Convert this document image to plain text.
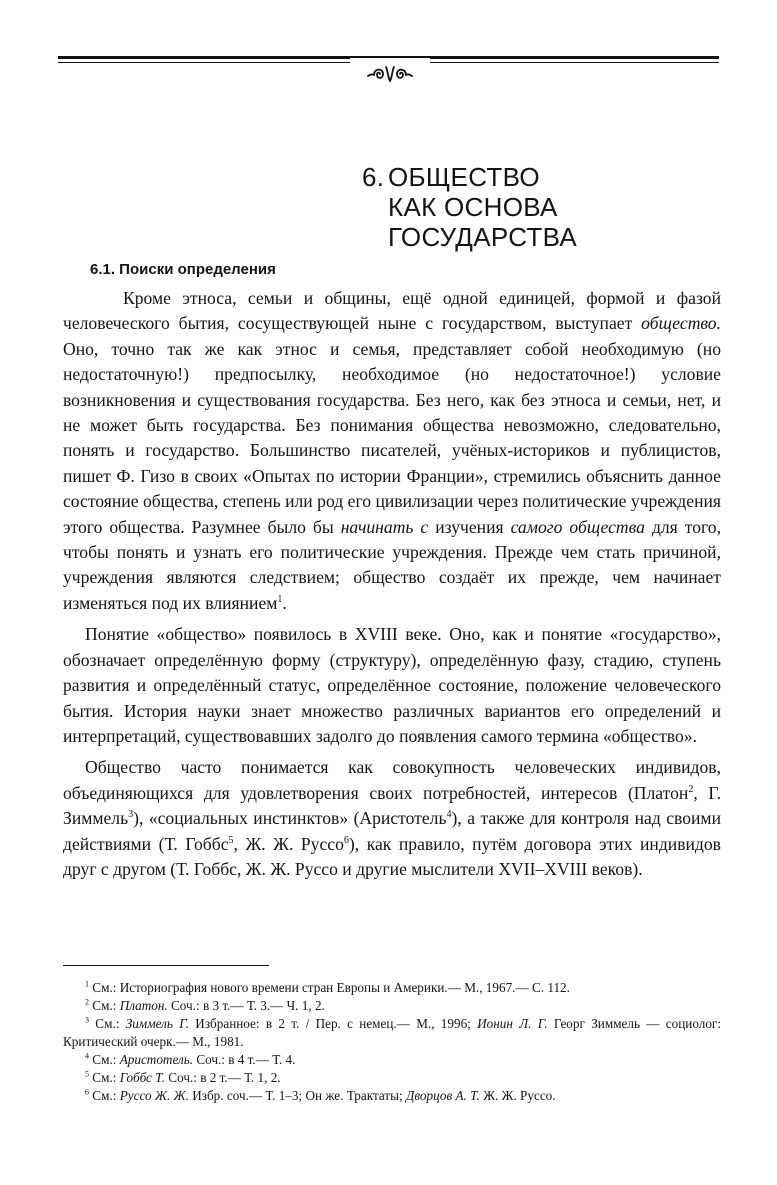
6. ОБЩЕСТВО
КАК ОСНОВА
ГОСУДАРСТВА
6.1. Поиски определения

Кроме этноса, семьи и общины, ещё одной единицей, формой и фазой человеческого бытия, сосуществующей ныне с государством, выступает общество. Оно, точно так же как этнос и семья, представляет собой необходимую (но недостаточную!) предпосылку, необходимое (но недостаточное!) условие возникновения и существования государства. Без него, как без этноса и семьи, нет, и не может быть государства. Без понимания общества невозможно, следовательно, понять и государство. Большинство писателей, учёных-историков и публицистов, пишет Ф. Гизо в своих «Опытах по истории Франции», стремились объяснить данное состояние общества, степень или род его цивилизации через политические учреждения этого общества. Разумнее было бы начинать с изучения самого общества для того, чтобы понять и узнать его политические учреждения. Прежде чем стать причиной, учреждения являются следствием; общество создаёт их прежде, чем начинает изменяться под их влиянием$^1$.

Понятие «общество» появилось в XVIII веке. Оно, как и понятие «государство», обозначает определённую форму (структуру), определённую фазу, стадию, ступень развития и определённый статус, определённое состояние, положение человеческого бытия. История науки знает множество различных вариантов его определений и интерпретаций, существовавших задолго до появления самого термина «общество».

Общество часто понимается как совокупность человеческих индивидов, объединяющихся для удовлетворения своих потребностей, интересов (Платон$^2$, Г. Зиммель$^3$), «социальных инстинктов» (Аристотель$^4$), а также для контроля над своими действиями (Т. Гоббс$^5$, Ж. Ж. Руссо$^6$), как правило, путём договора этих индивидов друг с другом (Т. Гоббс, Ж. Ж. Руссо и другие мыслители XVII–XVIII веков).

$^1$ См.: Историография нового времени стран Европы и Америки.— М., 1967.— С. 112.

$^2$ См.: Платон. Соч.: в 3 т.— Т. 3.— Ч. 1, 2.

$^3$ См.: Зиммель Г. Избранное: в 2 т. / Пер. с немец.— М., 1996; Ионин Л. Г. Георг Зиммель — социолог: Критический очерк.— М., 1981.

$^4$ См.: Аристотель. Соч.: в 4 т.— Т. 4.

$^5$ См.: Гоббс Т. Соч.: в 2 т.— Т. 1, 2.

$^6$ См.: Руссо Ж. Ж. Избр. соч.— Т. 1–3; Он же. Трактаты; Дворцов А. Т. Ж. Ж. Руссо.
